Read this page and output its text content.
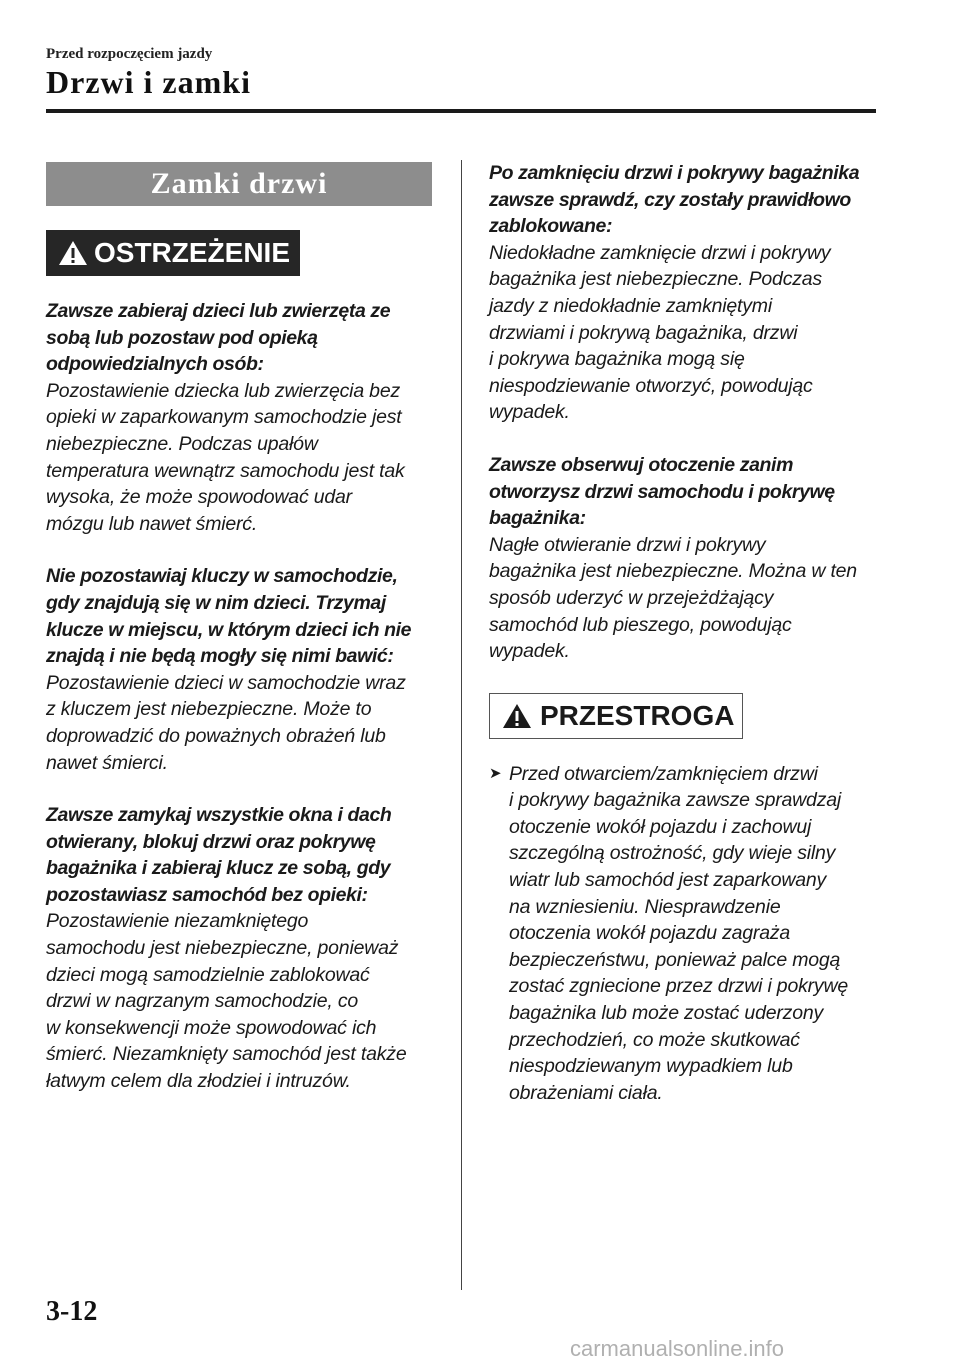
Przed rozpoczęciem jazdy
Drzwi i zamki
Zamki drzwi
OSTRZEŻENIE
Zawsze zabieraj dzieci lub zwierzęta ze
sobą lub pozostaw pod opieką
odpowiedzialnych osób:
Pozostawienie dziecka lub zwierzęcia bez
opieki w zaparkowanym samochodzie jest
niebezpieczne. Podczas upałów
temperatura wewnątrz samochodu jest tak
wysoka, że może spowodować udar
mózgu lub nawet śmierć.
Nie pozostawiaj kluczy w samochodzie,
gdy znajdują się w nim dzieci. Trzymaj
klucze w miejscu, w którym dzieci ich nie
znajdą i nie będą mogły się nimi bawić:
Pozostawienie dzieci w samochodzie wraz
z kluczem jest niebezpieczne. Może to
doprowadzić do poważnych obrażeń lub
nawet śmierci.
Zawsze zamykaj wszystkie okna i dach
otwierany, blokuj drzwi oraz pokrywę
bagażnika i zabieraj klucz ze sobą, gdy
pozostawiasz samochód bez opieki:
Pozostawienie niezamkniętego
samochodu jest niebezpieczne, ponieważ
dzieci mogą samodzielnie zablokować
drzwi w nagrzanym samochodzie, co
w konsekwencji może spowodować ich
śmierć. Niezamknięty samochód jest także
łatwym celem dla złodziei i intruzów.
Po zamknięciu drzwi i pokrywy bagażnika
zawsze sprawdź, czy zostały prawidłowo
zablokowane:
Niedokładne zamknięcie drzwi i pokrywy
bagażnika jest niebezpieczne. Podczas
jazdy z niedokładnie zamkniętymi
drzwiami i pokrywą bagażnika, drzwi
i pokrywa bagażnika mogą się
niespodziewanie otworzyć, powodując
wypadek.
Zawsze obserwuj otoczenie zanim
otworzysz drzwi samochodu i pokrywę
bagażnika:
Nagłe otwieranie drzwi i pokrywy
bagażnika jest niebezpieczne. Można w ten
sposób uderzyć w przejeżdżający
samochód lub pieszego, powodując
wypadek.
PRZESTROGA
➤ Przed otwarciem/zamknięciem drzwi
i pokrywy bagażnika zawsze sprawdzaj
otoczenie wokół pojazdu i zachowuj
szczególną ostrożność, gdy wieje silny
wiatr lub samochód jest zaparkowany
na wzniesieniu. Niesprawdzenie
otoczenia wokół pojazdu zagraża
bezpieczeństwu, ponieważ palce mogą
zostać zgniecione przez drzwi i pokrywę
bagażnika lub może zostać uderzony
przechodzień, co może skutkować
niespodziewanym wypadkiem lub
obrażeniami ciała.
3-12
carmanualsonline.info
